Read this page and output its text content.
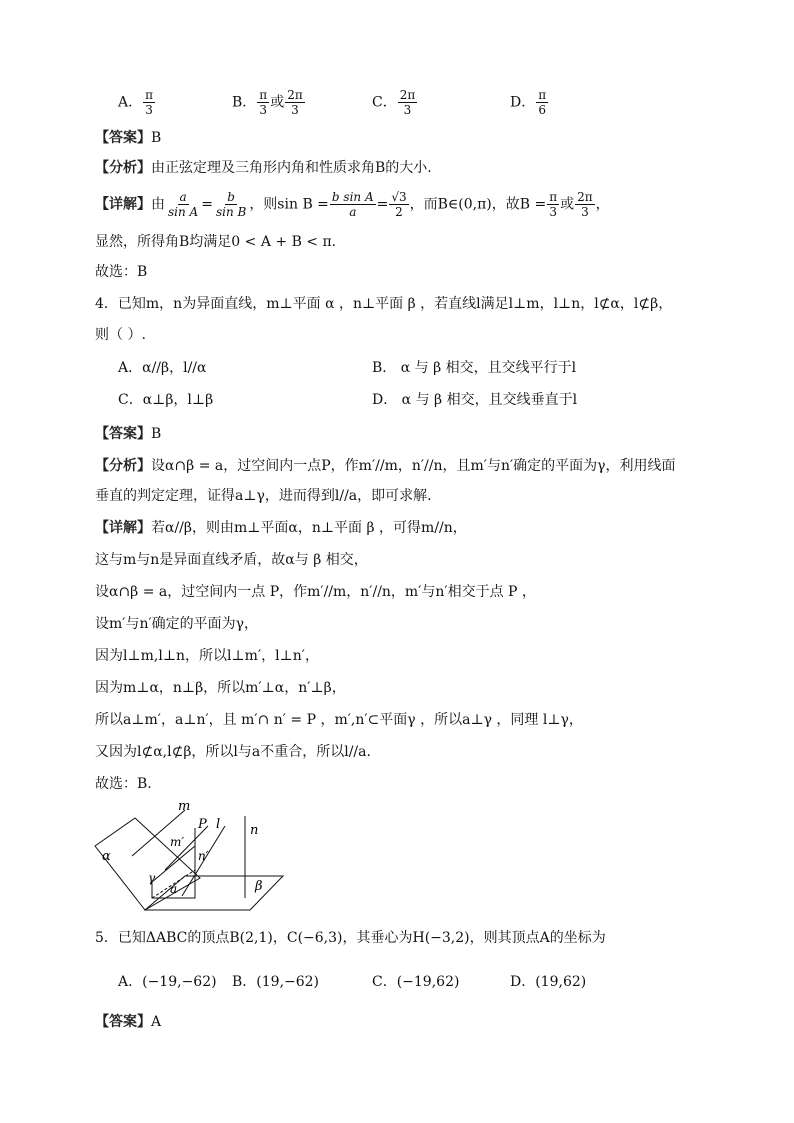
A． $\frac{\pi}{3}$	B． $\frac{\pi}{3}$ 或 $\frac{2\pi}{3}$	C． $\frac{2\pi}{3}$	D． $\frac{\pi}{6}$
【答案】B
【分析】由正弦定理及三角形内角和性质求角B的大小.
【详解】由 $\frac{a}{\text{sin A}} = \frac{b}{\text{sin B}}$ ，则$\sin B = \frac{\text{b sin A}}{a} = \frac{√3}{2}$ ，而B∈(0,π)，故$B = \frac{\pi}{3}$ 或 $\frac{2\pi}{3}$ ，
显然，所得角B均满足0 < A + B < π.
故选：B
4．已知m，n为异面直线，m⊥平面 α ，n⊥平面 β ，若直线l满足l⊥m，l⊥n，l⊄α，l⊄β，
则（ ）.
A．α//β，l//α	B． α 与 β 相交，且交线平行于l
C．α⊥β，l⊥β	D． α 与 β 相交，且交线垂直于l
【答案】B
【分析】设α∩β = a，过空间内一点P，作m′//m，n′//n，且m′与n′确定的平面为γ，利用线面
垂直的判定定理，证得a⊥γ，进而得到l//a，即可求解.
【详解】若α//β，则由m⊥平面α，n⊥平面 β ，可得m//n，
这与m与n是异面直线矛盾，故α与 β 相交，
设α∩β = a，过空间内一点 P，作m′//m，n′//n，m′与n′相交于点 P ，
设m′与n′确定的平面为γ，
因为l⊥m,l⊥n，所以l⊥m′，l⊥n′，
因为m⊥α，n⊥β，所以m′⊥α，n′⊥β，
所以a⊥m′，a⊥n′，且 m′∩ n′ = P ，m′,n′⊂平面γ ，所以a⊥γ ，同理 l⊥γ，
又因为l⊄α,l⊄β，所以l与a不重合，所以l//a.
故选：B.
m
P l n
m′
n′
α
γ
a	β
5．已知ΔABC的顶点B(2,1)，C(−6,3)，其垂心为H(−3,2)，则其顶点A的坐标为
A．(−19,−62) B．(19,−62)	C．(−19,62)	D．(19,62)
【答案】A
